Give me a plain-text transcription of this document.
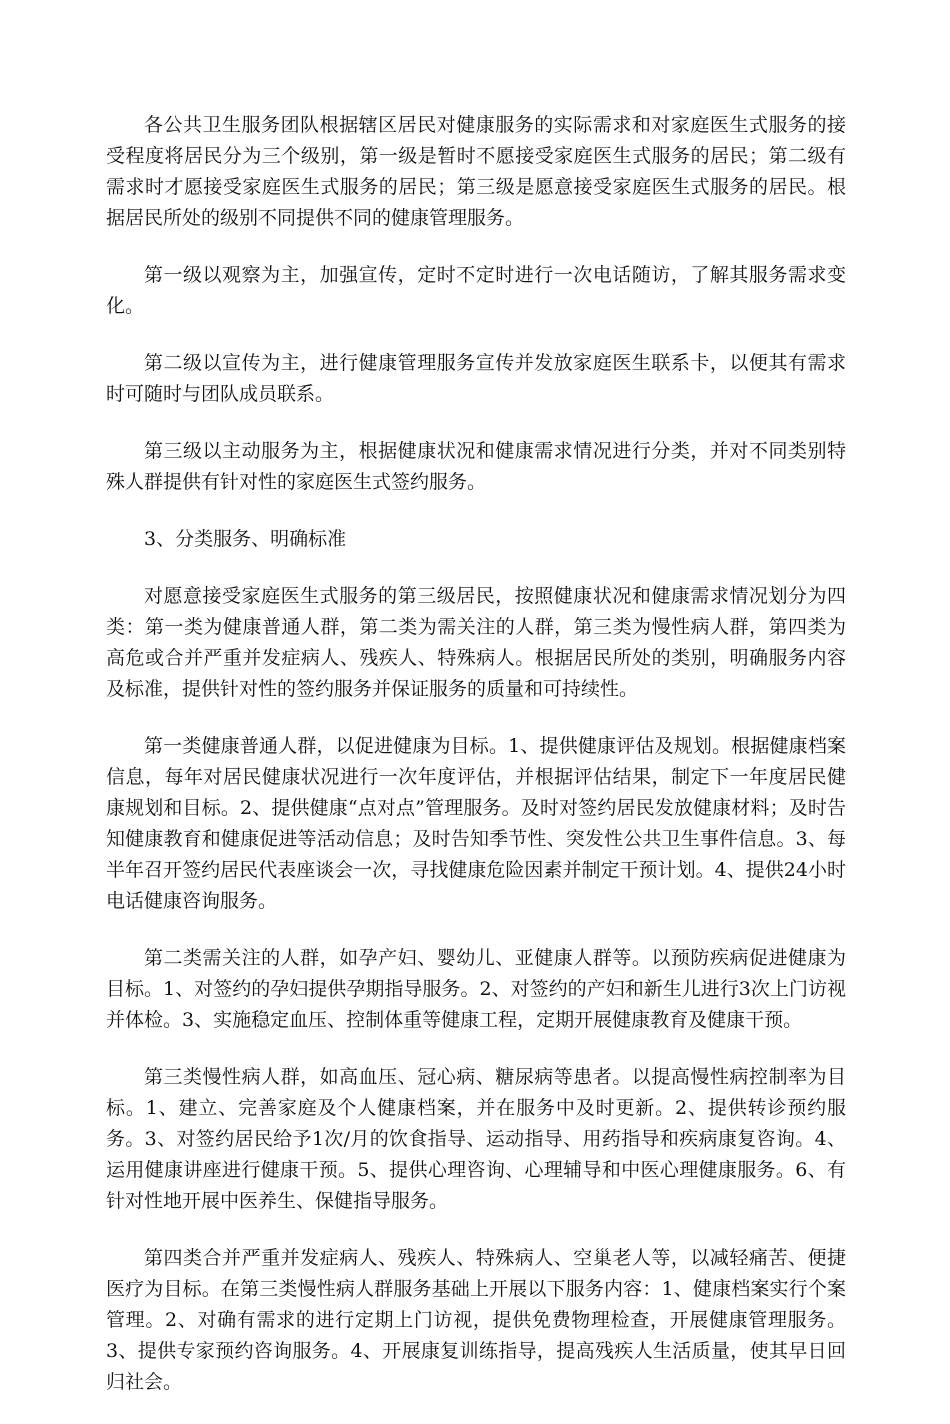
各公共卫生服务团队根据辖区居民对健康服务的实际需求和对家庭医生式服务的接受程度将居民分为三个级别，第一级是暂时不愿接受家庭医生式服务的居民；第二级有需求时才愿接受家庭医生式服务的居民；第三级是愿意接受家庭医生式服务的居民。根据居民所处的级别不同提供不同的健康管理服务。

第一级以观察为主，加强宣传，定时不定时进行一次电话随访，了解其服务需求变化。

第二级以宣传为主，进行健康管理服务宣传并发放家庭医生联系卡，以便其有需求时可随时与团队成员联系。

第三级以主动服务为主，根据健康状况和健康需求情况进行分类，并对不同类别特殊人群提供有针对性的家庭医生式签约服务。

3、分类服务、明确标准

对愿意接受家庭医生式服务的第三级居民，按照健康状况和健康需求情况划分为四类：第一类为健康普通人群，第二类为需关注的人群，第三类为慢性病人群，第四类为高危或合并严重并发症病人、残疾人、特殊病人。根据居民所处的类别，明确服务内容及标准，提供针对性的签约服务并保证服务的质量和可持续性。

第一类健康普通人群，以促进健康为目标。1、提供健康评估及规划。根据健康档案信息，每年对居民健康状况进行一次年度评估，并根据评估结果，制定下一年度居民健康规划和目标。2、提供健康“点对点”管理服务。及时对签约居民发放健康材料；及时告知健康教育和健康促进等活动信息；及时告知季节性、突发性公共卫生事件信息。3、每半年召开签约居民代表座谈会一次，寻找健康危险因素并制定干预计划。4、提供24小时电话健康咨询服务。

第二类需关注的人群，如孕产妇、婴幼儿、亚健康人群等。以预防疾病促进健康为目标。1、对签约的孕妇提供孕期指导服务。2、对签约的产妇和新生儿进行3次上门访视并体检。3、实施稳定血压、控制体重等健康工程，定期开展健康教育及健康干预。

第三类慢性病人群，如高血压、冠心病、糖尿病等患者。以提高慢性病控制率为目标。1、建立、完善家庭及个人健康档案，并在服务中及时更新。2、提供转诊预约服务。3、对签约居民给予1次/月的饮食指导、运动指导、用药指导和疾病康复咨询。4、运用健康讲座进行健康干预。5、提供心理咨询、心理辅导和中医心理健康服务。6、有针对性地开展中医养生、保健指导服务。

第四类合并严重并发症病人、残疾人、特殊病人、空巢老人等，以减轻痛苦、便捷医疗为目标。在第三类慢性病人群服务基础上开展以下服务内容：1、健康档案实行个案管理。2、对确有需求的进行定期上门访视，提供免费物理检查，开展健康管理服务。3、提供专家预约咨询服务。4、开展康复训练指导，提高残疾人生活质量，使其早日回归社会。
